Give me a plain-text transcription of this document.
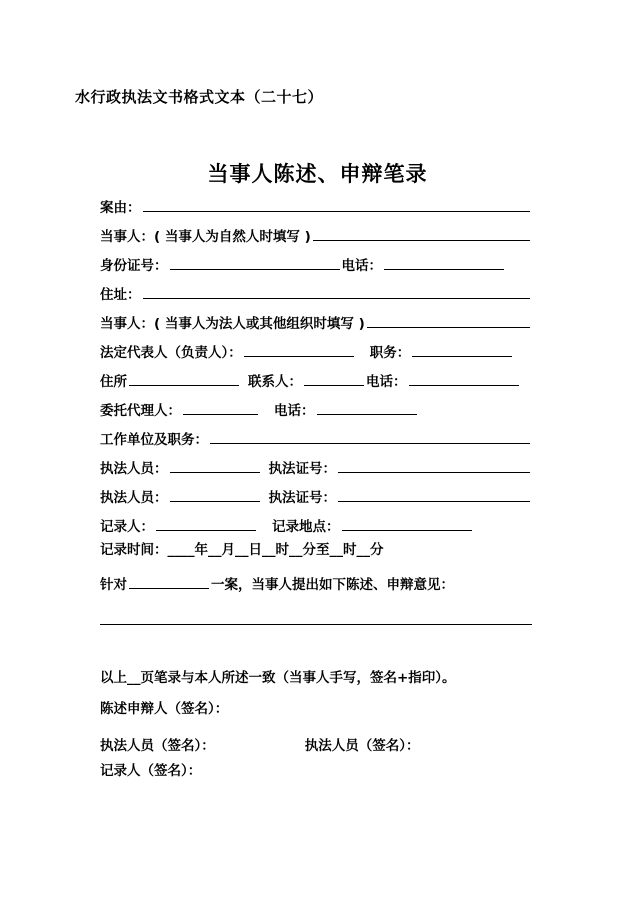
水行政执法文书格式文本（二十七）
当事人陈述、申辩笔录
案由：
当事人：( 当事人为自然人时填写 )
身份证号：	电话：
住址：
当事人：( 当事人为法人或其他组织时填写 )
法定代表人（负责人）：	职务：
住所	联系人：	电话：
委托代理人：	电话：
工作单位及职务：
执法人员：	执法证号：
执法人员：	执法证号：
记录人：	记录地点：
记录时间：____年__月__日__时__分至__时__分
针对	一案，当事人提出如下陈述、申辩意见：
以上__页笔录与本人所述一致（当事人手写，签名+指印）。
陈述申辩人（签名）：
执法人员（签名）：	执法人员（签名）：
记录人（签名）：
